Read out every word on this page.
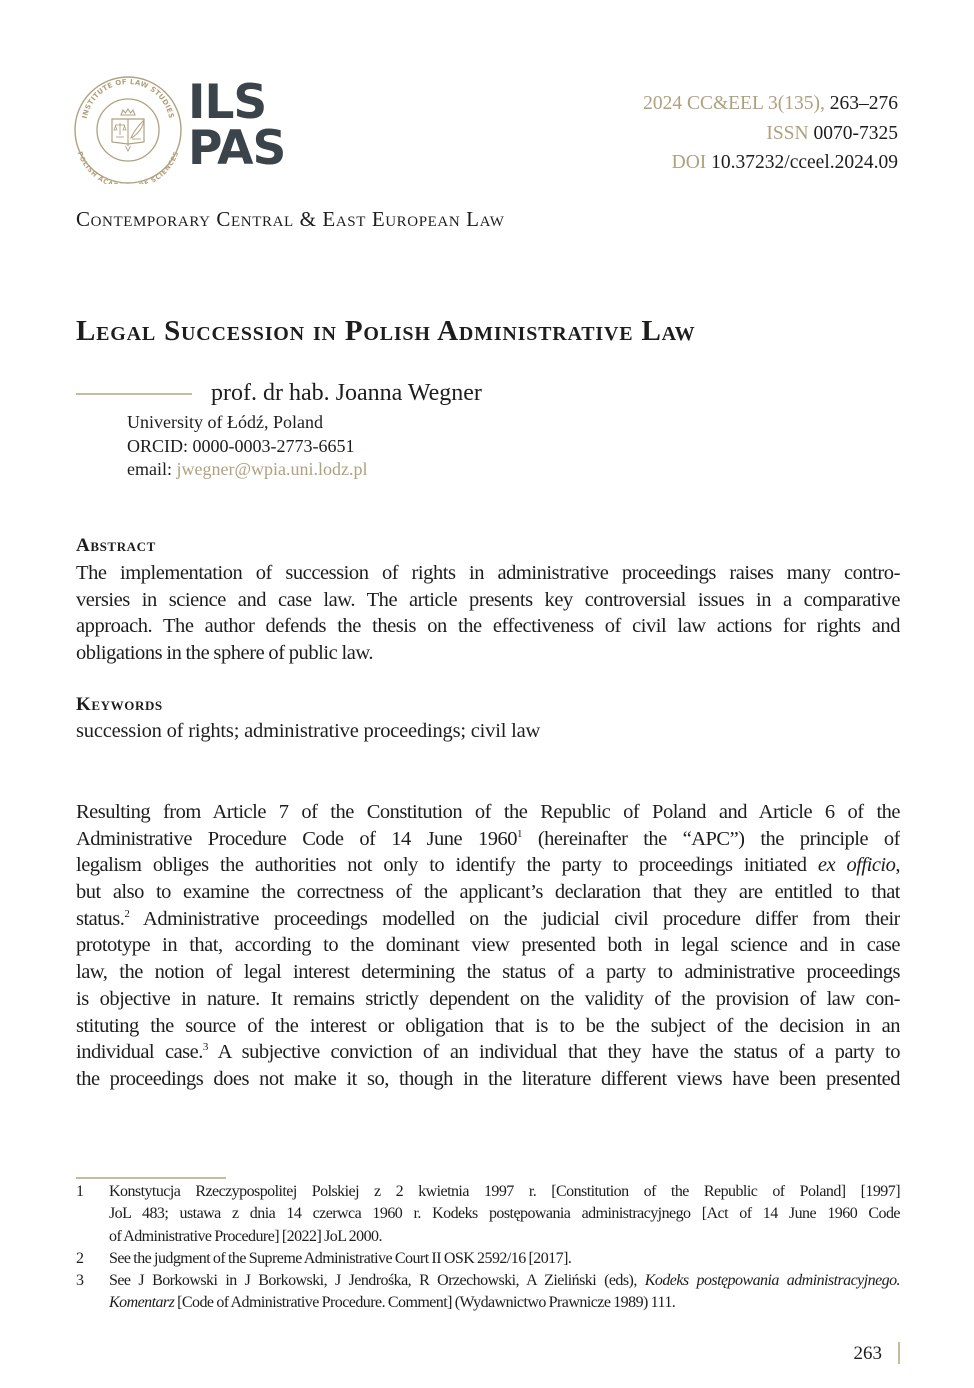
INSTITUTE OF LAW STUDIES
POLISH ACA F SCIENCES
ILS
PAS
2024 CC&EEL 3(135), 263–276
ISSN 0070-7325
DOI 10.37232/cceel.2024.09
Contemporary Central & East European Law
Legal Succession in Polish Administrative Law
prof. dr hab. Joanna Wegner
University of Łódź, Poland
ORCID: 0000-0003-2773-6651
email: jwegner@wpia.uni.lodz.pl
Abstract
The implementation of succession of rights in administrative proceedings raises many contro-
versies in science and case law. The article presents key controversial issues in a comparative
approach. The author defends the thesis on the effectiveness of civil law actions for rights and
obligations in the sphere of public law.
Keywords
succession of rights; administrative proceedings; civil law
Resulting from Article 7 of the Constitution of the Republic of Poland and Article 6 of the
Administrative Procedure Code of 14 June 1960$^1$ (hereinafter the “APC”) the principle of
legalism obliges the authorities not only to identify the party to proceedings initiated ex officio,
but also to examine the correctness of the applicant’s declaration that they are entitled to that
status.$^2$ Administrative proceedings modelled on the judicial civil procedure differ from their
prototype in that, according to the dominant view presented both in legal science and in case
law, the notion of legal interest determining the status of a party to administrative proceedings
is objective in nature. It remains strictly dependent on the validity of the provision of law con-
stituting the source of the interest or obligation that is to be the subject of the decision in an
individual case.$^3$ A subjective conviction of an individual that they have the status of a party to
the proceedings does not make it so, though in the literature different views have been presented
1 Konstytucja Rzeczypospolitej Polskiej z 2 kwietnia 1997 r. [Constitution of the Republic of Poland] [1997]
JoL 483; ustawa z dnia 14 czerwca 1960 r. Kodeks postępowania administracyjnego [Act of 14 June 1960 Code
of Administrative Procedure] [2022] JoL 2000.
2 See the judgment of the Supreme Administrative Court II OSK 2592/16 [2017].
3 See J Borkowski in J Borkowski, J Jendrośka, R Orzechowski, A Zieliński (eds), Kodeks postępowania administracyjnego.
Komentarz [Code of Administrative Procedure. Comment] (Wydawnictwo Prawnicze 1989) 111.
263
